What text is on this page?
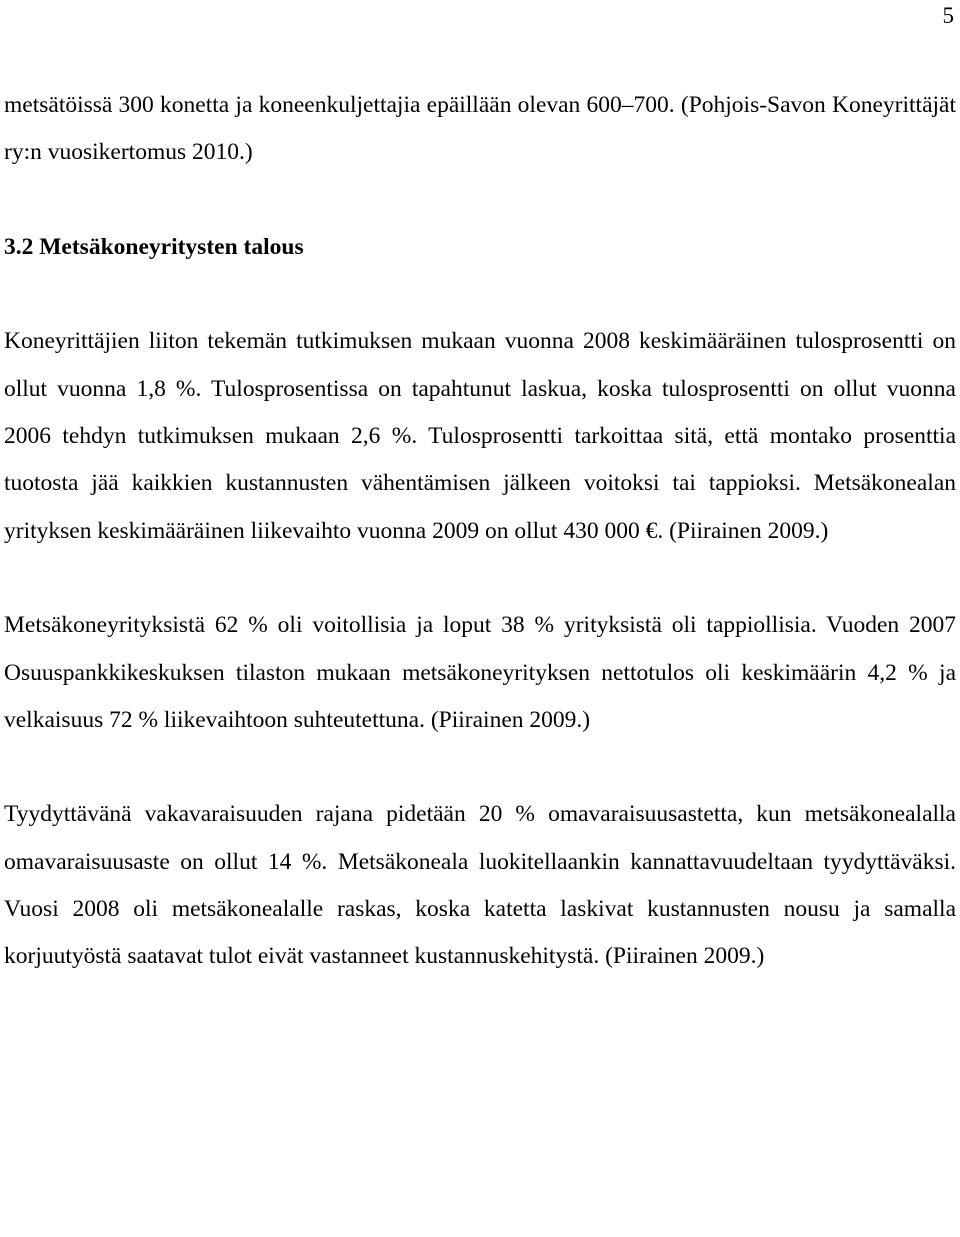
5

metsätöissä 300 konetta ja koneenkuljettajia epäillään olevan 600–700. (Pohjois-Savon Koneyrittäjät ry:n vuosikertomus 2010.)

3.2 Metsäkoneyritysten talous

Koneyrittäjien liiton tekemän tutkimuksen mukaan vuonna 2008 keskimääräinen tulosprosentti on ollut vuonna 1,8 %. Tulosprosentissa on tapahtunut laskua, koska tulosprosentti on ollut vuonna 2006 tehdyn tutkimuksen mukaan 2,6 %. Tulosprosentti tarkoittaa sitä, että montako prosenttia tuotosta jää kaikkien kustannusten vähentämisen jälkeen voitoksi tai tappioksi. Metsäkonealan yrityksen keskimääräinen liikevaihto vuonna 2009 on ollut 430 000 €. (Piirainen 2009.)

Metsäkoneyrityksistä 62 % oli voitollisia ja loput 38 % yrityksistä oli tappiollisia. Vuoden 2007 Osuuspankkikeskuksen tilaston mukaan metsäkoneyrityksen nettotulos oli keskimäärin 4,2 % ja velkaisuus 72 % liikevaihtoon suhteutettuna. (Piirainen 2009.)

Tyydyttävänä vakavaraisuuden rajana pidetään 20 % omavaraisuusastetta, kun metsäkonealalla omavaraisuusaste on ollut 14 %. Metsäkoneala luokitellaankin kannattavuudeltaan tyydyttäväksi. Vuosi 2008 oli metsäkonealalle raskas, koska katetta laskivat kustannusten nousu ja samalla korjuutyöstä saatavat tulot eivät vastanneet kustannuskehitystä. (Piirainen 2009.)
